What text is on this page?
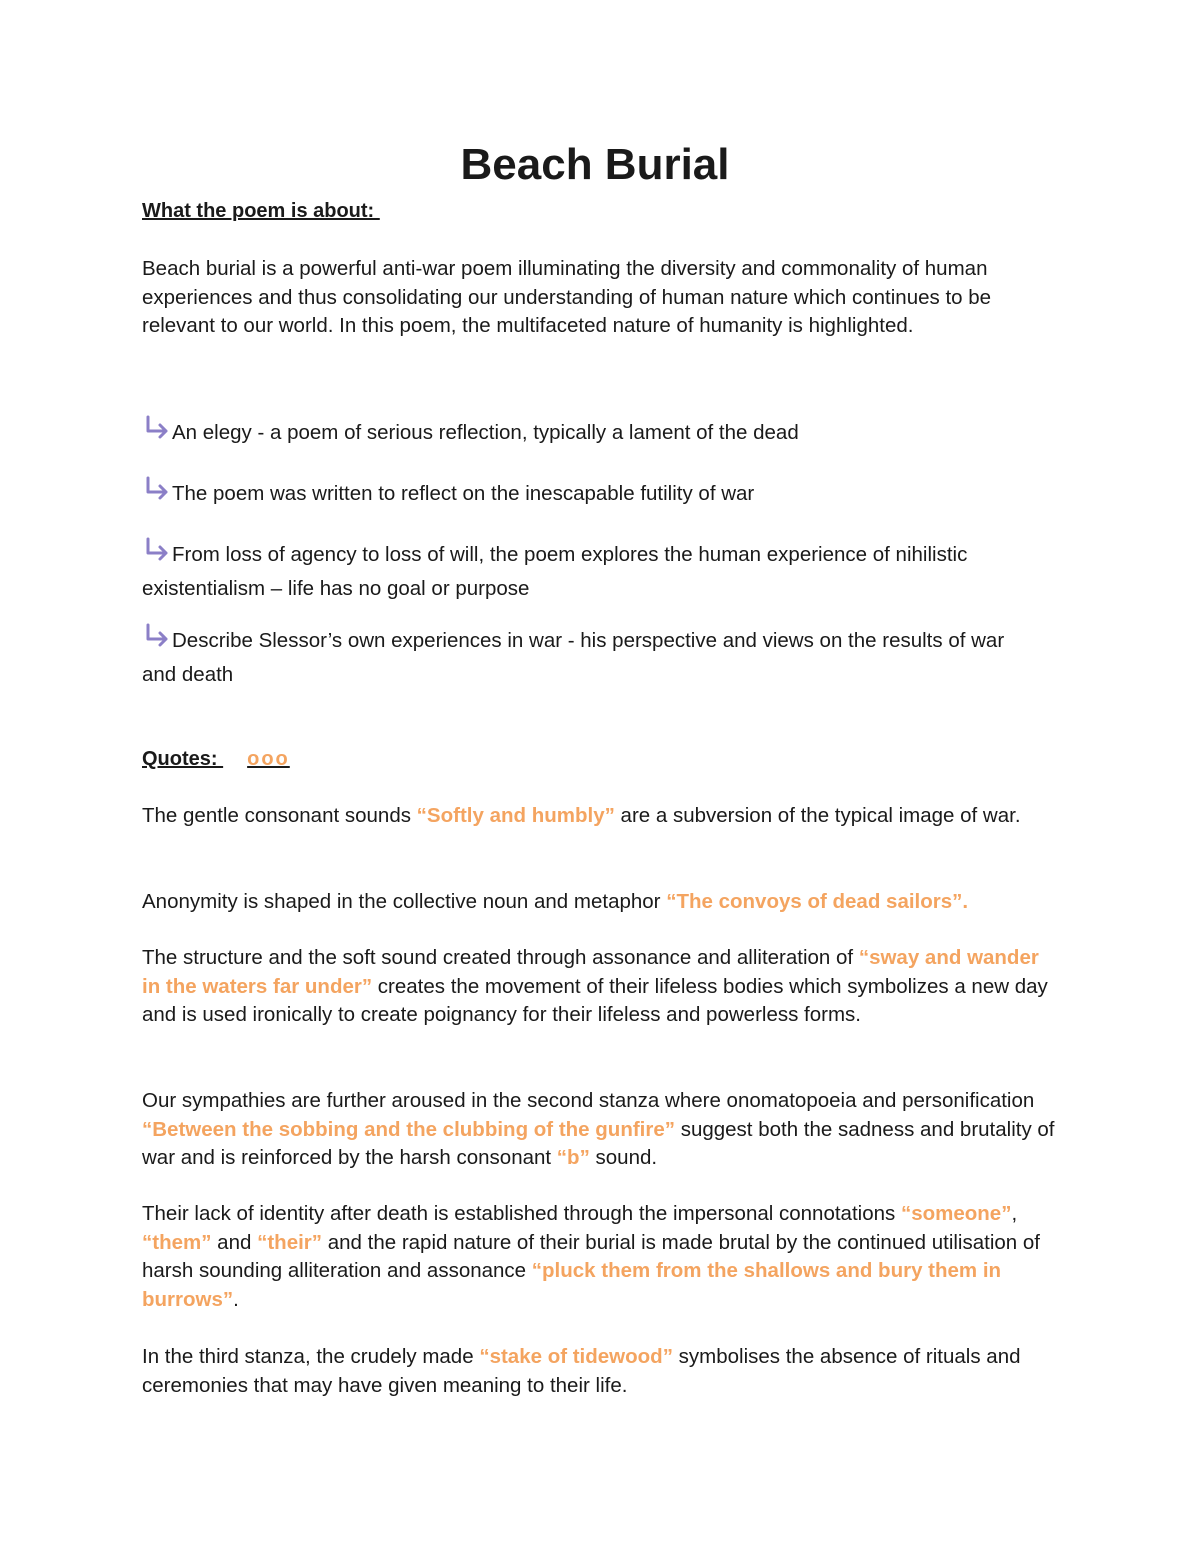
Beach Burial

What the poem is about:

Beach burial is a powerful anti-war poem illuminating the diversity and commonality of human experiences and thus consolidating our understanding of human nature which continues to be relevant to our world. In this poem, the multifaceted nature of humanity is highlighted.

An elegy - a poem of serious reflection, typically a lament of the dead

The poem was written to reflect on the inescapable futility of war

From loss of agency to loss of will, the poem explores the human experience of nihilistic

existentialism – life has no goal or purpose

Describe Slessor’s own experiences in war - his perspective and views on the results of war

and death

Quotes: ooo

The gentle consonant sounds “Softly and humbly” are a subversion of the typical image of war.

Anonymity is shaped in the collective noun and metaphor “The convoys of dead sailors”.

The structure and the soft sound created through assonance and alliteration of “sway and wander in the waters far under” creates the movement of their lifeless bodies which symbolizes a new day and is used ironically to create poignancy for their lifeless and powerless forms.

Our sympathies are further aroused in the second stanza where onomatopoeia and personification “Between the sobbing and the clubbing of the gunfire” suggest both the sadness and brutality of war and is reinforced by the harsh consonant “b” sound.

Their lack of identity after death is established through the impersonal connotations “someone”, “them” and “their” and the rapid nature of their burial is made brutal by the continued utilisation of harsh sounding alliteration and assonance “pluck them from the shallows and bury them in burrows”.

In the third stanza, the crudely made “stake of tidewood” symbolises the absence of rituals and ceremonies that may have given meaning to their life.
